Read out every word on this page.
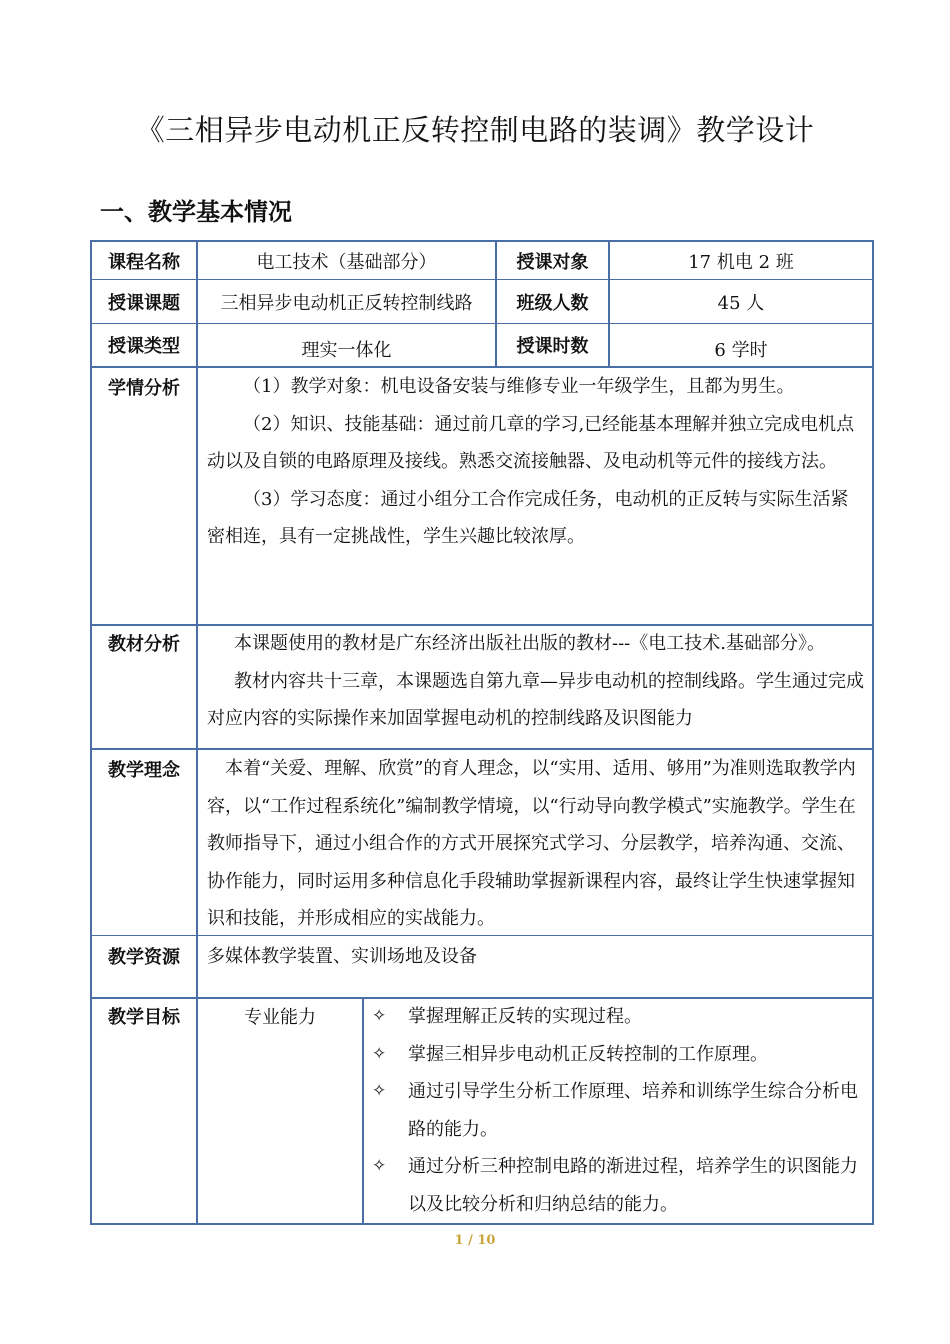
《三相异步电动机正反转控制电路的装调》教学设计
一、教学基本情况
课程名称	电工技术（基础部分）	授课对象	17 机电 2 班
授课课题	三相异步电动机正反转控制线路	班级人数	45 人
授课类型	理实一体化	授课时数	6 学时
学情分析	（1）教学对象：机电设备安装与维修专业一年级学生，且都为男生。

（2）知识、技能基础：通过前几章的学习,已经能基本理解并独立完成电机点动以及自锁的电路原理及接线。熟悉交流接触器、及电动机等元件的接线方法。

（3）学习态度：通过小组分工合作完成任务，电动机的正反转与实际生活紧密相连，具有一定挑战性，学生兴趣比较浓厚。

教材分析	本课题使用的教材是广东经济出版社出版的教材---《电工技术.基础部分》。

教材内容共十三章，本课题选自第九章—异步电动机的控制线路。学生通过完成对应内容的实际操作来加固掌握电动机的控制线路及识图能力

教学理念	本着“关爱、理解、欣赏”的育人理念，以“实用、适用、够用”为准则选取教学内容，以“工作过程系统化”编制教学情境，以“行动导向教学模式”实施教学。学生在教师指导下，通过小组合作的方式开展探究式学习、分层教学，培养沟通、交流、协作能力，同时运用多种信息化手段辅助掌握新课程内容，最终让学生快速掌握知识和技能，并形成相应的实战能力。

教学资源	多媒体教学装置、实训场地及设备

教学目标	专业能力	✧ 掌握理解正反转的实现过程。
✧ 掌握三相异步电动机正反转控制的工作原理。
✧ 通过引导学生分析工作原理、培养和训练学生综合分析电路的能力。
✧ 通过分析三种控制电路的渐进过程，培养学生的识图能力以及比较分析和归纳总结的能力。
1 / 10
